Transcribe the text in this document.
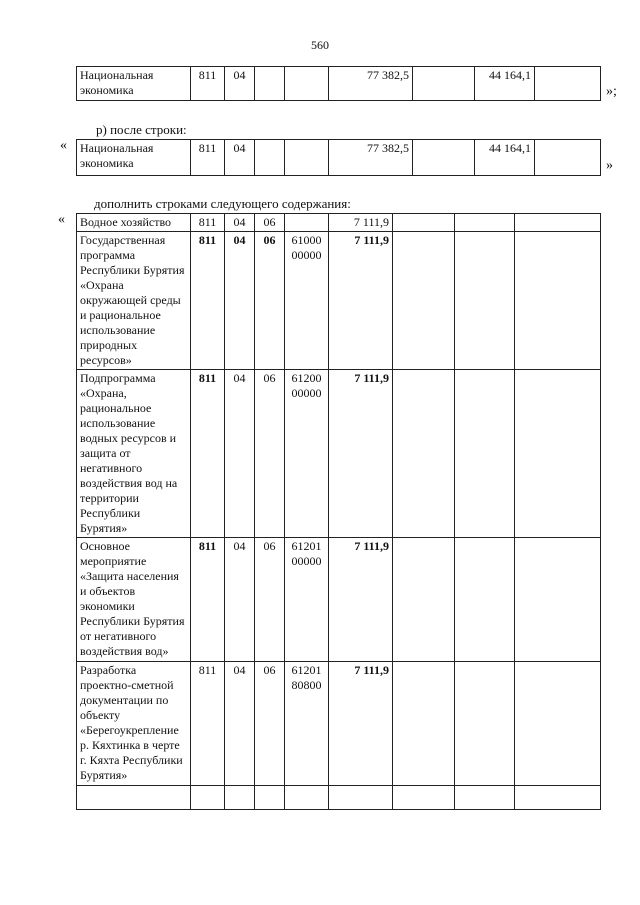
560
Национальная экономика	811	04			77 382,5		44 164,1	
»;
р) после строки:
« Национальная экономика	811	04			77 382,5		44 164,1	
»
дополнить строками следующего содержания:
« Водное хозяйство	811	04	06		7 111,9			
Государственная программа Республики Бурятия «Охрана окружающей среды и рациональное использование природных ресурсов»	811	04	06	61000 00000	7 111,9			
Подпрограмма «Охрана, рациональное использование водных ресурсов и защита от негативного воздействия вод на территории Республики Бурятия»	811	04	06	61200 00000	7 111,9			
Основное мероприятие «Защита населения и объектов экономики Республики Бурятия от негативного воздействия вод»	811	04	06	61201 00000	7 111,9			
Разработка проектно-сметной документации по объекту «Берегоукрепление р. Кяхтинка в черте г. Кяхта Республики Бурятия»	811	04	06	61201 80800	7 111,9			
